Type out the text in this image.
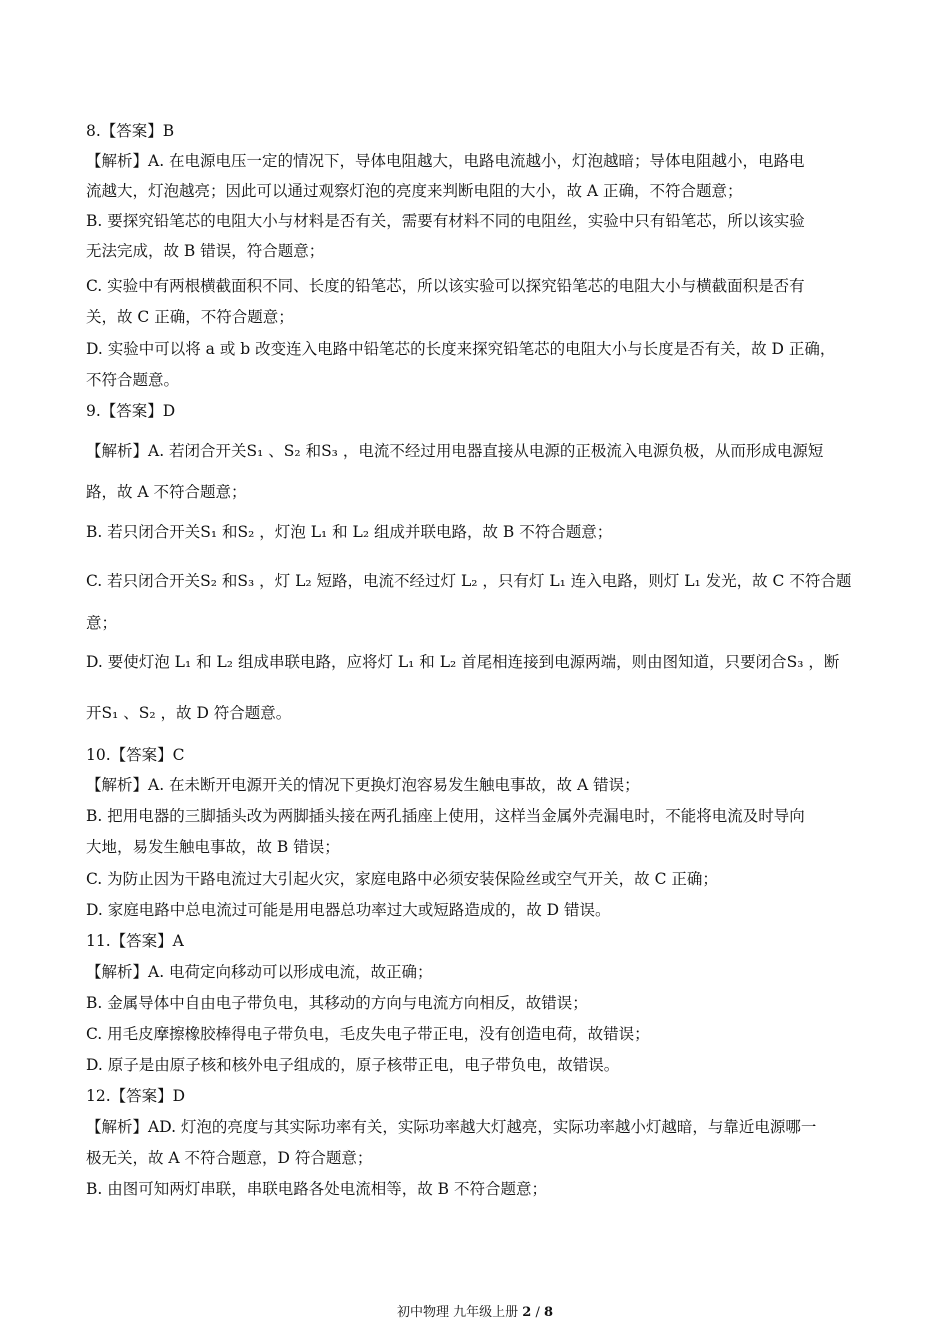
8.【答案】B
【解析】A. 在电源电压一定的情况下，导体电阻越大，电路电流越小，灯泡越暗；导体电阻越小，电路电
流越大，灯泡越亮；因此可以通过观察灯泡的亮度来判断电阻的大小，故 A 正确，不符合题意；
B. 要探究铅笔芯的电阻大小与材料是否有关，需要有材料不同的电阻丝，实验中只有铅笔芯，所以该实验
无法完成，故 B 错误，符合题意；
C. 实验中有两根横截面积不同、长度的铅笔芯，所以该实验可以探究铅笔芯的电阻大小与横截面积是否有
关，故 C 正确，不符合题意；
D. 实验中可以将 a 或 b 改变连入电路中铅笔芯的长度来探究铅笔芯的电阻大小与长度是否有关，故 D 正确，
不符合题意。
9.【答案】D
【解析】A. 若闭合开关S₁ 、S₂ 和S₃ ，电流不经过用电器直接从电源的正极流入电源负极，从而形成电源短
路，故 A 不符合题意；
B. 若只闭合开关S₁ 和S₂ ，灯泡 L₁ 和 L₂ 组成并联电路，故 B 不符合题意；
C. 若只闭合开关S₂ 和S₃ ，灯 L₂ 短路，电流不经过灯 L₂ ，只有灯 L₁ 连入电路，则灯 L₁ 发光，故 C 不符合题
意；
D. 要使灯泡 L₁ 和 L₂ 组成串联电路，应将灯 L₁ 和 L₂ 首尾相连接到电源两端，则由图知道，只要闭合S₃ ，断
开S₁ 、S₂ ，故 D 符合题意。
10.【答案】C
【解析】A. 在未断开电源开关的情况下更换灯泡容易发生触电事故，故 A 错误；
B. 把用电器的三脚插头改为两脚插头接在两孔插座上使用，这样当金属外壳漏电时，不能将电流及时导向
大地，易发生触电事故，故 B 错误；
C. 为防止因为干路电流过大引起火灾，家庭电路中必须安装保险丝或空气开关，故 C 正确；
D. 家庭电路中总电流过可能是用电器总功率过大或短路造成的，故 D 错误。
11.【答案】A
【解析】A. 电荷定向移动可以形成电流，故正确；
B. 金属导体中自由电子带负电，其移动的方向与电流方向相反，故错误；
C. 用毛皮摩擦橡胶棒得电子带负电，毛皮失电子带正电，没有创造电荷，故错误；
D. 原子是由原子核和核外电子组成的，原子核带正电，电子带负电，故错误。
12.【答案】D
【解析】AD. 灯泡的亮度与其实际功率有关，实际功率越大灯越亮，实际功率越小灯越暗，与靠近电源哪一
极无关，故 A 不符合题意，D 符合题意；
B. 由图可知两灯串联，串联电路各处电流相等，故 B 不符合题意；
初中物理 九年级上册 2 / 8
